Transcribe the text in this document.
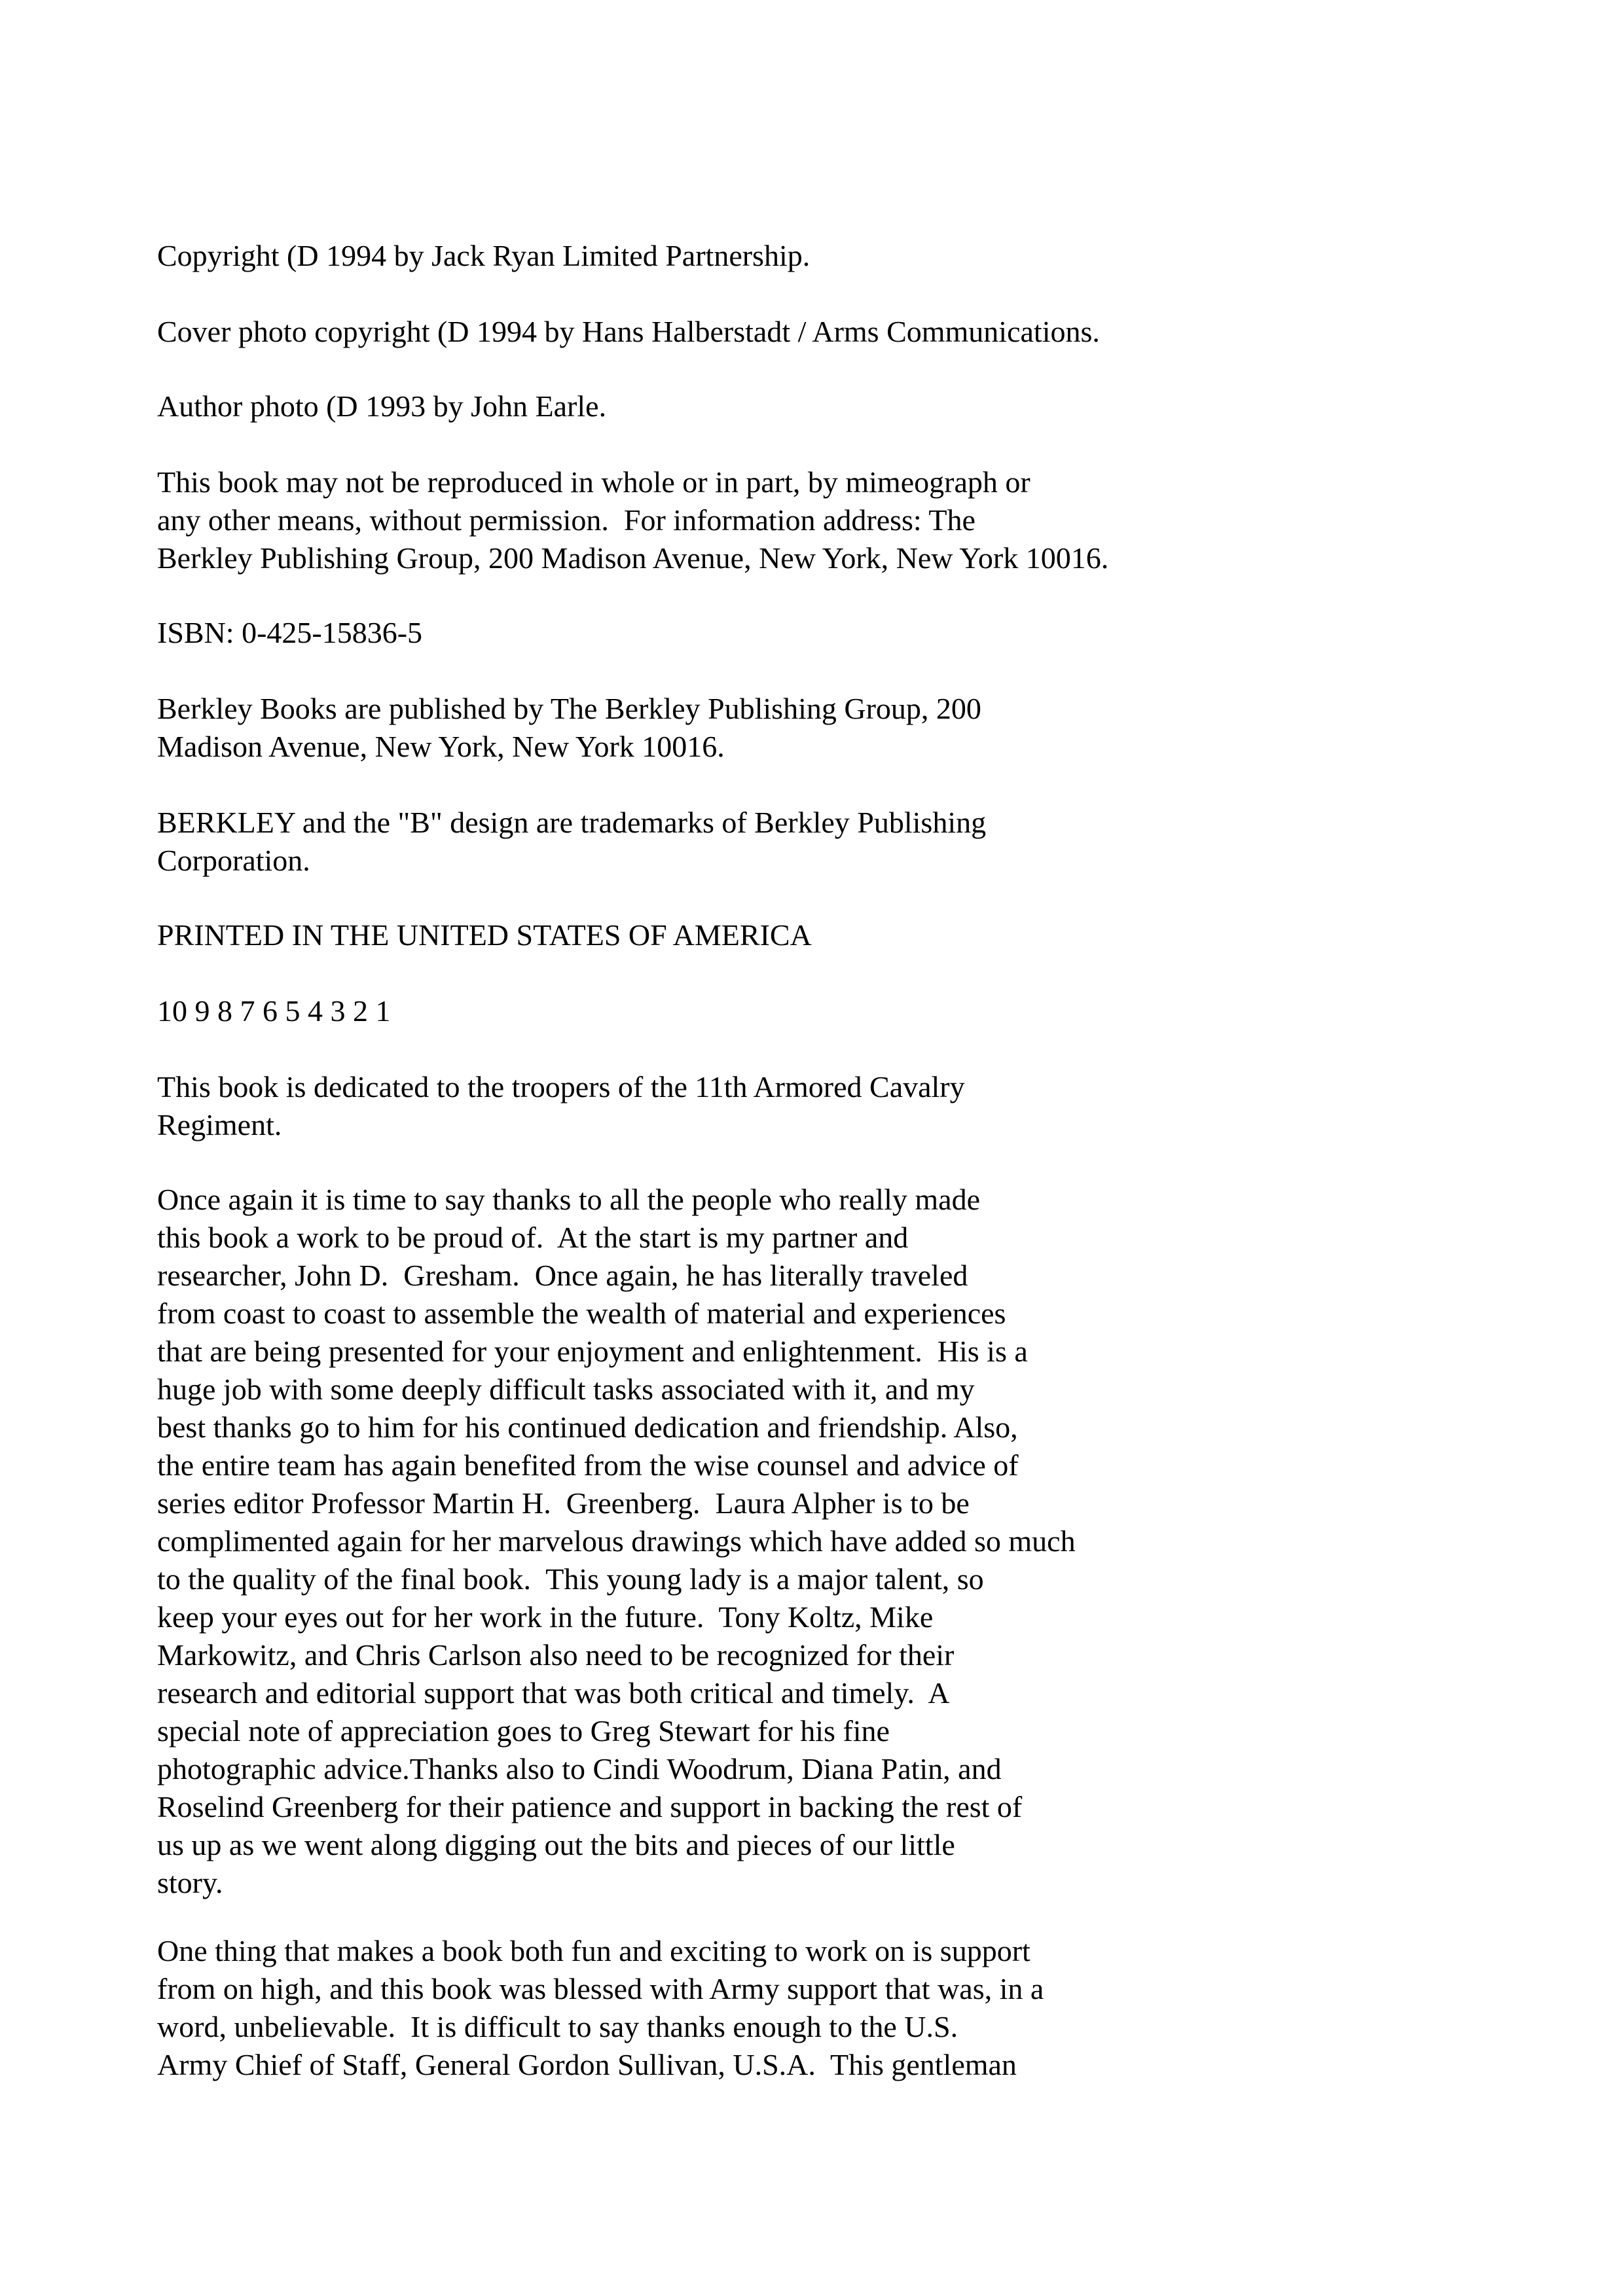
Copyright (D 1994 by Jack Ryan Limited Partnership.

Cover photo copyright (D 1994 by Hans Halberstadt / Arms Communications.

Author photo (D 1993 by John Earle.

This book may not be reproduced in whole or in part, by mimeograph or
any other means, without permission.  For information address: The
Berkley Publishing Group, 200 Madison Avenue, New York, New York 10016.

ISBN: 0-425-15836-5

Berkley Books are published by The Berkley Publishing Group, 200
Madison Avenue, New York, New York 10016.

BERKLEY and the "B" design are trademarks of Berkley Publishing
Corporation.

PRINTED IN THE UNITED STATES OF AMERICA

10 9 8 7 6 5 4 3 2 1

This book is dedicated to the troopers of the 11th Armored Cavalry
Regiment.

Once again it is time to say thanks to all the people who really made
this book a work to be proud of.  At the start is my partner and
researcher, John D.  Gresham.  Once again, he has literally traveled
from coast to coast to assemble the wealth of material and experiences
that are being presented for your enjoyment and enlightenment.  His is a
huge job with some deeply difficult tasks associated with it, and my
best thanks go to him for his continued dedication and friendship. Also,
the entire team has again benefited from the wise counsel and advice of
series editor Professor Martin H.  Greenberg.  Laura Alpher is to be
complimented again for her marvelous drawings which have added so much
to the quality of the final book.  This young lady is a major talent, so
keep your eyes out for her work in the future.  Tony Koltz, Mike
Markowitz, and Chris Carlson also need to be recognized for their
research and editorial support that was both critical and timely.  A
special note of appreciation goes to Greg Stewart for his fine
photographic advice.Thanks also to Cindi Woodrum, Diana Patin, and
Roselind Greenberg for their patience and support in backing the rest of
us up as we went along digging out the bits and pieces of our little
story.

One thing that makes a book both fun and exciting to work on is support
from on high, and this book was blessed with Army support that was, in a
word, unbelievable.  It is difficult to say thanks enough to the U.S.
Army Chief of Staff, General Gordon Sullivan, U.S.A.  This gentleman
